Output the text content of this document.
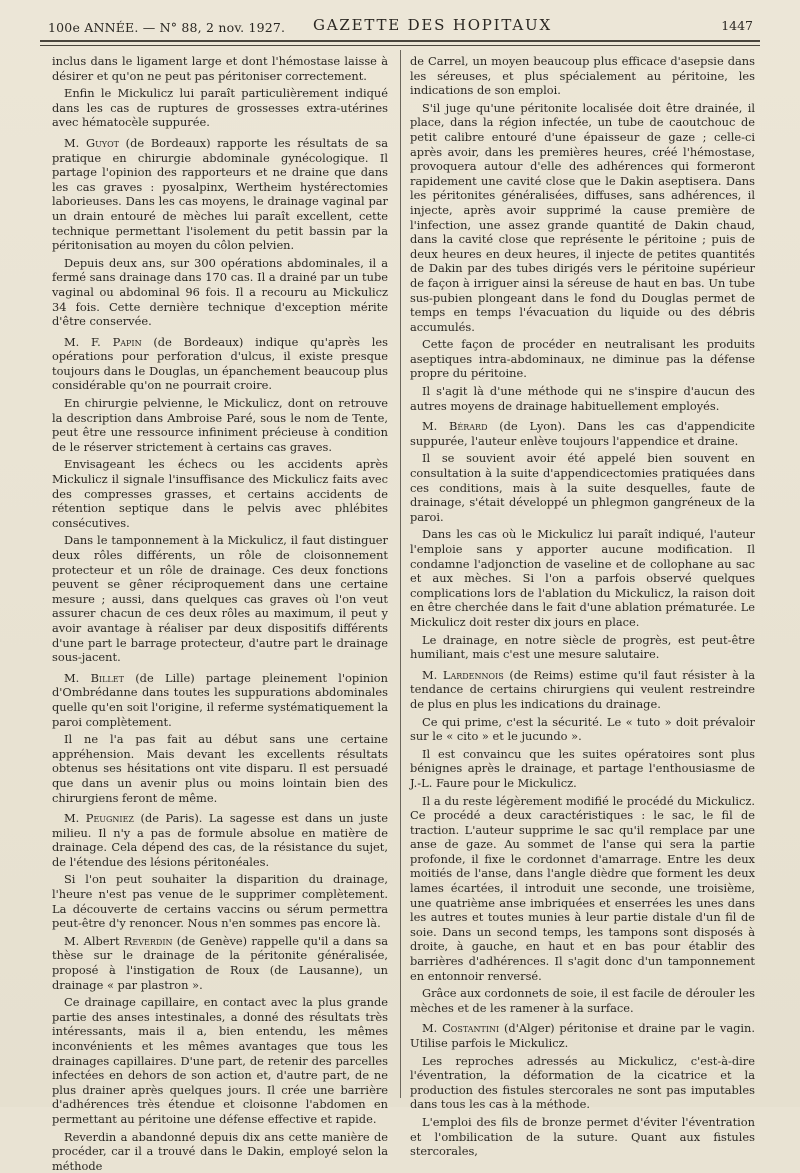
100e ANNÉE. — N° 88, 2 nov. 1927. GAZETTE DES HOPITAUX	1447

inclus dans le ligament large et dont l'hémostase laisse à désirer et qu'on ne peut pas péritoniser correctement.

Enfin le Mickulicz lui paraît particulièrement indiqué dans les cas de ruptures de grossesses extra-utérines avec hématocèle suppurée.

M. Guyot (de Bordeaux) rapporte les résultats de sa pratique en chirurgie abdominale gynécologique. Il partage l'opinion des rapporteurs et ne draine que dans les cas graves : pyosalpinx, Wertheim hystérectomies laborieuses. Dans les cas moyens, le drainage vaginal par un drain entouré de mèches lui paraît excellent, cette technique permettant l'isolement du petit bassin par la péritonisation au moyen du côlon pelvien.

Depuis deux ans, sur 300 opérations abdominales, il a fermé sans drainage dans 170 cas. Il a drainé par un tube vaginal ou abdominal 96 fois. Il a recouru au Mickulicz 34 fois. Cette dernière technique d'exception mérite d'être conservée.

M. F. Papin (de Bordeaux) indique qu'après les opérations pour perforation d'ulcus, il existe presque toujours dans le Douglas, un épanchement beaucoup plus considérable qu'on ne pourrait croire.

En chirurgie pelvienne, le Mickulicz, dont on retrouve la description dans Ambroise Paré, sous le nom de Tente, peut être une ressource infiniment précieuse à condition de le réserver strictement à certains cas graves.

Envisageant les échecs ou les accidents après Mickulicz il signale l'insuffisance des Mickulicz faits avec des compresses grasses, et certains accidents de rétention septique dans le pelvis avec phlébites consécutives.

Dans le tamponnement à la Mickulicz, il faut distinguer deux rôles différents, un rôle de cloisonnement protecteur et un rôle de drainage. Ces deux fonctions peuvent se gêner réciproquement dans une certaine mesure ; aussi, dans quelques cas graves où l'on veut assurer chacun de ces deux rôles au maximum, il peut y avoir avantage à réaliser par deux dispositifs différents d'une part le barrage protecteur, d'autre part le drainage sous-jacent.

M. Billet (de Lille) partage pleinement l'opinion d'Ombrédanne dans toutes les suppurations abdominales quelle qu'en soit l'origine, il referme systématiquement la paroi complètement.

Il ne l'a pas fait au début sans une certaine appréhension. Mais devant les excellents résultats obtenus ses hésitations ont vite disparu. Il est persuadé que dans un avenir plus ou moins lointain bien des chirurgiens feront de même.

M. Peugniez (de Paris). La sagesse est dans un juste milieu. Il n'y a pas de formule absolue en matière de drainage. Cela dépend des cas, de la résistance du sujet, de l'étendue des lésions péritonéales.

Si l'on peut souhaiter la disparition du drainage, l'heure n'est pas venue de le supprimer complètement. La découverte de certains vaccins ou sérum permettra peut-être d'y renoncer. Nous n'en sommes pas encore là.

M. Albert Reverdin (de Genève) rappelle qu'il a dans sa thèse sur le drainage de la péritonite généralisée, proposé à l'instigation de Roux (de Lausanne), un drainage « par plastron ».

Ce drainage capillaire, en contact avec la plus grande partie des anses intestinales, a donné des résultats très intéressants, mais il a, bien entendu, les mêmes inconvénients et les mêmes avantages que tous les drainages capillaires. D'une part, de retenir des parcelles infectées en dehors de son action et, d'autre part, de ne plus drainer après quelques jours. Il crée une barrière d'adhérences très étendue et cloisonne l'abdomen en permettant au péritoine une défense effective et rapide.

Reverdin a abandonné depuis dix ans cette manière de procéder, car il a trouvé dans le Dakin, employé selon la méthode

de Carrel, un moyen beaucoup plus efficace d'asepsie dans les séreuses, et plus spécialement au péritoine, les indications de son emploi.

S'il juge qu'une péritonite localisée doit être drainée, il place, dans la région infectée, un tube de caoutchouc de petit calibre entouré d'une épaisseur de gaze ; celle-ci après avoir, dans les premières heures, créé l'hémostase, provoquera autour d'elle des adhérences qui formeront rapidement une cavité close que le Dakin aseptisera. Dans les péritonites généralisées, diffuses, sans adhérences, il injecte, après avoir supprimé la cause première de l'infection, une assez grande quantité de Dakin chaud, dans la cavité close que représente le péritoine ; puis de deux heures en deux heures, il injecte de petites quantités de Dakin par des tubes dirigés vers le péritoine supérieur de façon à irriguer ainsi la séreuse de haut en bas. Un tube sus-pubien plongeant dans le fond du Douglas permet de temps en temps l'évacuation du liquide ou des débris accumulés.

Cette façon de procéder en neutralisant les produits aseptiques intra-abdominaux, ne diminue pas la défense propre du péritoine.

Il s'agit là d'une méthode qui ne s'inspire d'aucun des autres moyens de drainage habituellement employés.

M. Bérard (de Lyon). Dans les cas d'appendicite suppurée, l'auteur enlève toujours l'appendice et draine.

Il se souvient avoir été appelé bien souvent en consultation à la suite d'appendicectomies pratiquées dans ces conditions, mais à la suite desquelles, faute de drainage, s'était développé un phlegmon gangréneux de la paroi.

Dans les cas où le Mickulicz lui paraît indiqué, l'auteur l'emploie sans y apporter aucune modification. Il condamne l'adjonction de vaseline et de collophane au sac et aux mèches. Si l'on a parfois observé quelques complications lors de l'ablation du Mickulicz, la raison doit en être cherchée dans le fait d'une ablation prématurée. Le Mickulicz doit rester dix jours en place.

Le drainage, en notre siècle de progrès, est peut-être humiliant, mais c'est une mesure salutaire.

M. Lardennois (de Reims) estime qu'il faut résister à la tendance de certains chirurgiens qui veulent restreindre de plus en plus les indications du drainage.

Ce qui prime, c'est la sécurité. Le « tuto » doit prévaloir sur le « cito » et le jucundo ».

Il est convaincu que les suites opératoires sont plus bénignes après le drainage, et partage l'enthousiasme de J.-L. Faure pour le Mickulicz.

Il a du reste légèrement modifié le procédé du Mickulicz. Ce procédé a deux caractéristiques : le sac, le fil de traction. L'auteur supprime le sac qu'il remplace par une anse de gaze. Au sommet de l'anse qui sera la partie profonde, il fixe le cordonnet d'amarrage. Entre les deux moitiés de l'anse, dans l'angle dièdre que forment les deux lames écartées, il introduit une seconde, une troisième, une quatrième anse imbriquées et enserrées les unes dans les autres et toutes munies à leur partie distale d'un fil de soie. Dans un second temps, les tampons sont disposés à droite, à gauche, en haut et en bas pour établir des barrières d'adhérences. Il s'agit donc d'un tamponnement en entonnoir renversé.

Grâce aux cordonnets de soie, il est facile de dérouler les mèches et de les ramener à la surface.

M. Costantini (d'Alger) péritonise et draine par le vagin. Utilise parfois le Mickulicz.

Les reproches adressés au Mickulicz, c'est-à-dire l'éventration, la déformation de la cicatrice et la production des fistules stercorales ne sont pas imputables dans tous les cas à la méthode.

L'emploi des fils de bronze permet d'éviter l'éventration et l'ombilication de la suture. Quant aux fistules stercorales,
